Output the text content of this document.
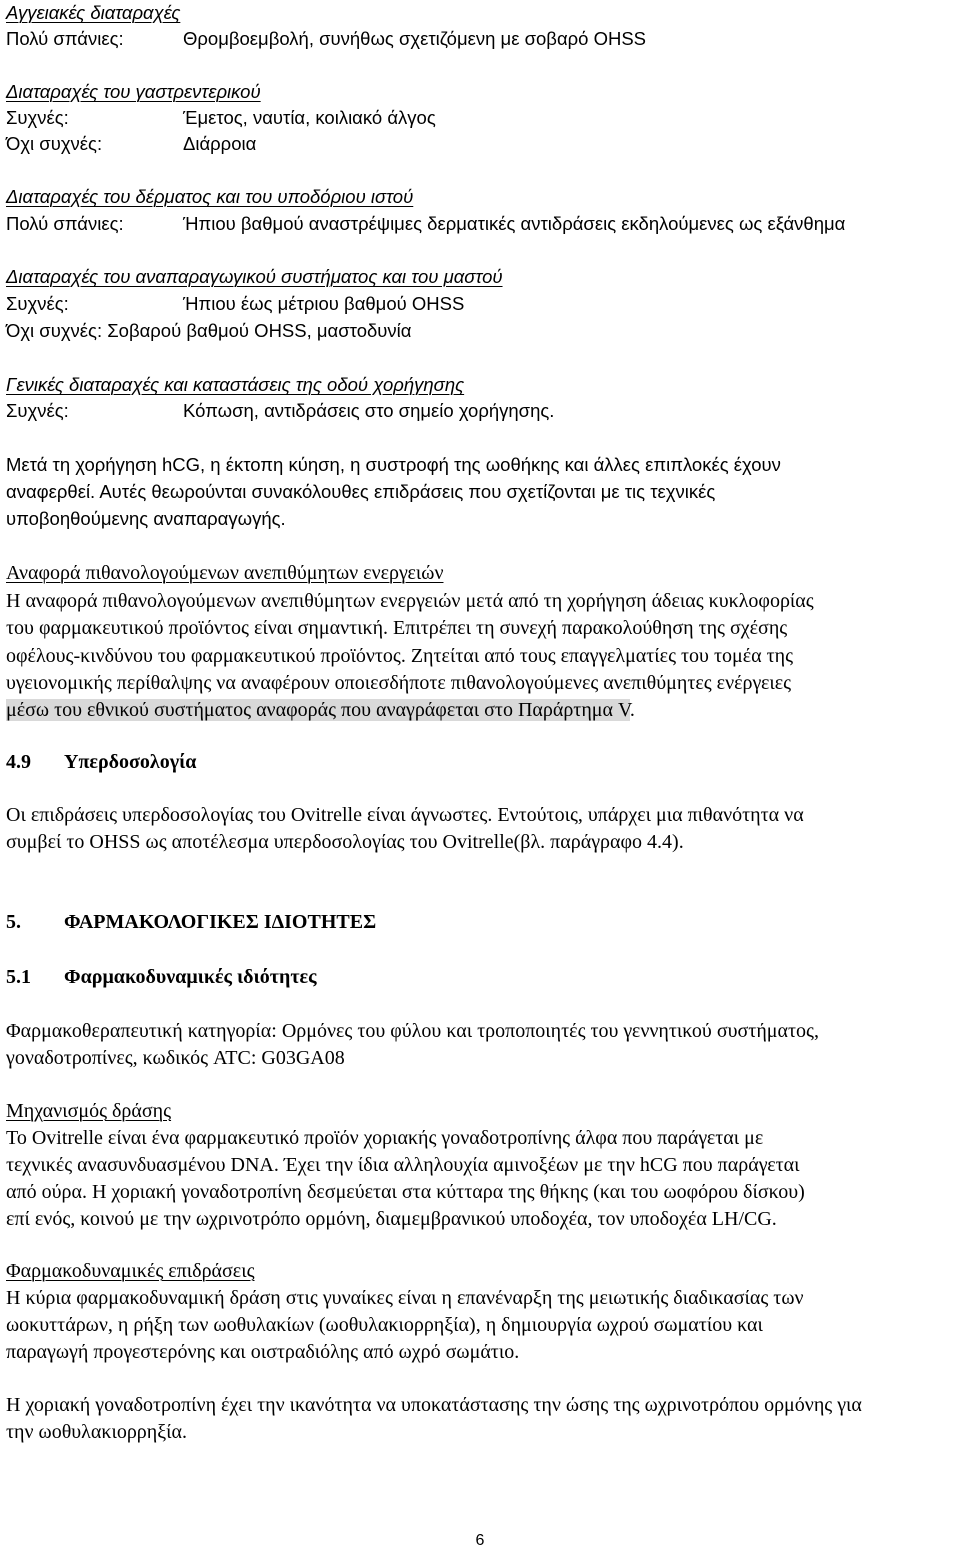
Αγγειακές διαταραχές
Πολύ σπάνιες:	Θρομβοεμβολή, συνήθως σχετιζόμενη με σοβαρό OHSS
Διαταραχές του γαστρεντερικού
Συχνές:	Έμετος, ναυτία, κοιλιακό άλγος
Όχι συχνές:	Διάρροια
Διαταραχές του δέρματος και του υποδόριου ιστού
Πολύ σπάνιες:	Ήπιου βαθμού αναστρέψιμες δερματικές αντιδράσεις εκδηλούμενες ως εξάνθημα
Διαταραχές του αναπαραγωγικού συστήματος και του μαστού
Συχνές:	Ήπιου έως μέτριου βαθμού OHSS
Όχι συχνές: Σοβαρού βαθμού OHSS, μαστοδυνία
Γενικές διαταραχές και καταστάσεις της οδού χορήγησης
Συχνές:	Κόπωση, αντιδράσεις στο σημείο χορήγησης.
Μετά τη χορήγηση hCG, η έκτοπη κύηση, η συστροφή της ωοθήκης και άλλες επιπλοκές έχουν
αναφερθεί. Αυτές θεωρούνται συνακόλουθες επιδράσεις που σχετίζονται με τις τεχνικές
υποβοηθούμενης αναπαραγωγής.
Αναφορά πιθανολογούμενων ανεπιθύμητων ενεργειών
Η αναφορά πιθανολογούμενων ανεπιθύμητων ενεργειών μετά από τη χορήγηση άδειας κυκλοφορίας
του φαρμακευτικού προϊόντος είναι σημαντική. Επιτρέπει τη συνεχή παρακολούθηση της σχέσης
οφέλους-κινδύνου του φαρμακευτικού προϊόντος. Ζητείται από τους επαγγελματίες του τομέα της
υγειονομικής περίθαλψης να αναφέρουν οποιεσδήποτε πιθανολογούμενες ανεπιθύμητες ενέργειες
μέσω του εθνικού συστήματος αναφοράς που αναγράφεται στο Παράρτημα V.
4.9 Υπερδοσολογία
Οι επιδράσεις υπερδοσολογίας του Ovitrelle είναι άγνωστες. Εντούτοις, υπάρχει μια πιθανότητα να
συμβεί το OHSS ως αποτέλεσμα υπερδοσολογίας του Ovitrelle(βλ. παράγραφο 4.4).
5. ΦΑΡΜΑΚΟΛΟΓΙΚΕΣ ΙΔΙΟΤΗΤΕΣ
5.1 Φαρμακοδυναμικές ιδιότητες
Φαρμακοθεραπευτική κατηγορία: Ορμόνες του φύλου και τροποποιητές του γεννητικού συστήματος,
γοναδοτροπίνες, κωδικός ATC: G03GA08
Μηχανισμός δράσης
Το Ovitrelle είναι ένα φαρμακευτικό προϊόν χοριακής γοναδοτροπίνης άλφα που παράγεται με
τεχνικές ανασυνδυασμένου DNA. Έχει την ίδια αλληλουχία αμινοξέων με την hCG που παράγεται
από ούρα. Η χοριακή γοναδοτροπίνη δεσμεύεται στα κύτταρα της θήκης (και του ωοφόρου δίσκου)
επί ενός, κοινού με την ωχρινοτρόπο ορμόνη, διαμεμβρανικού υποδοχέα, τον υποδοχέα LH/CG.
Φαρμακοδυναμικές επιδράσεις
Η κύρια φαρμακοδυναμική δράση στις γυναίκες είναι η επανέναρξη της μειωτικής διαδικασίας των
ωοκυττάρων, η ρήξη των ωοθυλακίων (ωοθυλακιορρηξία), η δημιουργία ωχρού σωματίου και
παραγωγή προγεστερόνης και οιστραδιόλης από ωχρό σωμάτιο.
Η χοριακή γοναδοτροπίνη έχει την ικανότητα να υποκατάστασης την ώσης της ωχρινοτρόπου ορμόνης για
την ωοθυλακιορρηξία.
6
